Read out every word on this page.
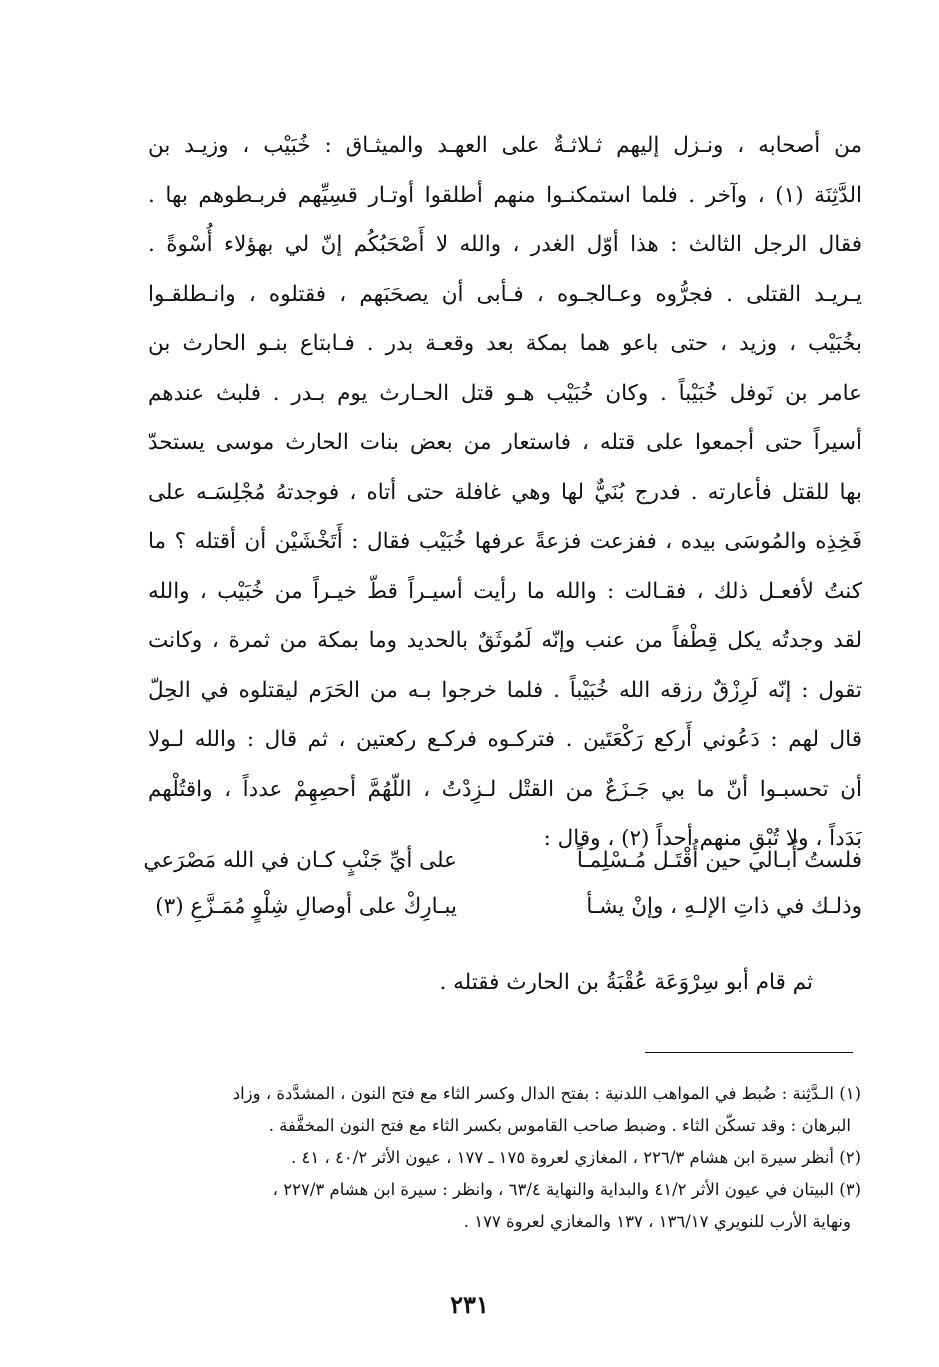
من أصحابه ، ونـزل إليهم ثـلاثـةٌ على العهـد والميثـاق : خُبَيْب ، وزيـد بن
الدَّثِنَة (١) ، وآخر . فلما استمكنـوا منهم أطلقوا أوتـار قسِيِّهم فربـطوهم بها .
فقال الرجل الثالث : هذا أوّل الغدر ، والله لا أَصْحَبُكُم إنّ لي بهؤلاء أُسْوةً .
يـريـد القتلى . فجرُّوه وعـالجـوه ، فـأبى أن يصحَبَهم ، فقتلوه ، وانـطلقـوا
بخُبَيْب ، وزيد ، حتى باعو هما بمكة بعد وقعـة بدر . فـابتاع بنـو الحارث بن
عامر بن نَوفل خُبَيْباً . وكان خُبَيْب هـو قتل الحـارث يوم بـدر . فلبث عندهم
أسيراً حتى أجمعوا على قتله ، فاستعار من بعض بنات الحارث موسى يستحدّ
بها للقتل فأعارته . فدرج بُنَيٌّ لها وهي غافلة حتى أتاه ، فوجدتهُ مُجْلِسَـه على
فَخِذِه والمُوسَى بيده ، ففزعت فزعةً عرفها خُبَيْب فقال : أَتَخْشَيْن أن أقتله ؟ ما
كنتُ لأفعـل ذلك ، فقـالت : والله ما رأيت أسيـراً قطّ خيـراً من خُبَيْب ، والله
لقد وجدتُه يكل قِطْفاً من عنب وإنّه لَمُوثَقٌ بالحديد وما بمكة من ثمرة ، وكانت
تقول : إنّه لَرِزْقٌ رزقه الله خُبَيْباً . فلما خرجوا بـه من الحَرَم ليقتلوه في الحِلّ
قال لهم : دَعُوني أَركع رَكْعَتَين . فتركـوه فركـع ركعتين ، ثم قال : والله لـولا
أن تحسبـوا أنّ ما بي جَـزَعٌ من القتْل لـزِدْتُ ، اللّهُمَّ أحصِهِمْ عدداً ، واقتُلْهم
بَدَداً ، ولا تُبْقِ منهم أحداً (٢) ، وقال :
فلستُ أُبـالي حين أُقْتَـل مُـسْلِمـاً
على أيِّ جَنْبٍ كـان في الله مَصْرَعي
وذلـك في ذاتِ الإلـهِ ، وإنْ يشـأ
يبـارِكْ على أوصالِ شِلْوٍ مُمَـزَّعِ (٣)
ثم قام أبو سِرْوَعَة عُقْبَةُ بن الحارث فقتله .
(١) الـدَّثِنة : ضُبط في المواهب اللدنية : بفتح الدال وكسر الثاء مع فتح النون ، المشدَّدة ، وزاد
البرهان : وقد تسكّن الثاء . وضبط صاحب القاموس بكسر الثاء مع فتح النون المخفَّفة .
(٢) أنظر سيرة ابن هشام ٢٢٦/٣ ، المغازي لعروة ١٧٥ ـ ١٧٧ ، عيون الأثر ٤٠/٢ ، ٤١ .
(٣) البيتان في عيون الأثر ٤١/٢ والبداية والنهاية ٦٣/٤ ، وانظر : سيرة ابن هشام ٢٢٧/٣ ،
ونهاية الأرب للنويري ١٣٦/١٧ ، ١٣٧ والمغازي لعروة ١٧٧ .
٢٣١
